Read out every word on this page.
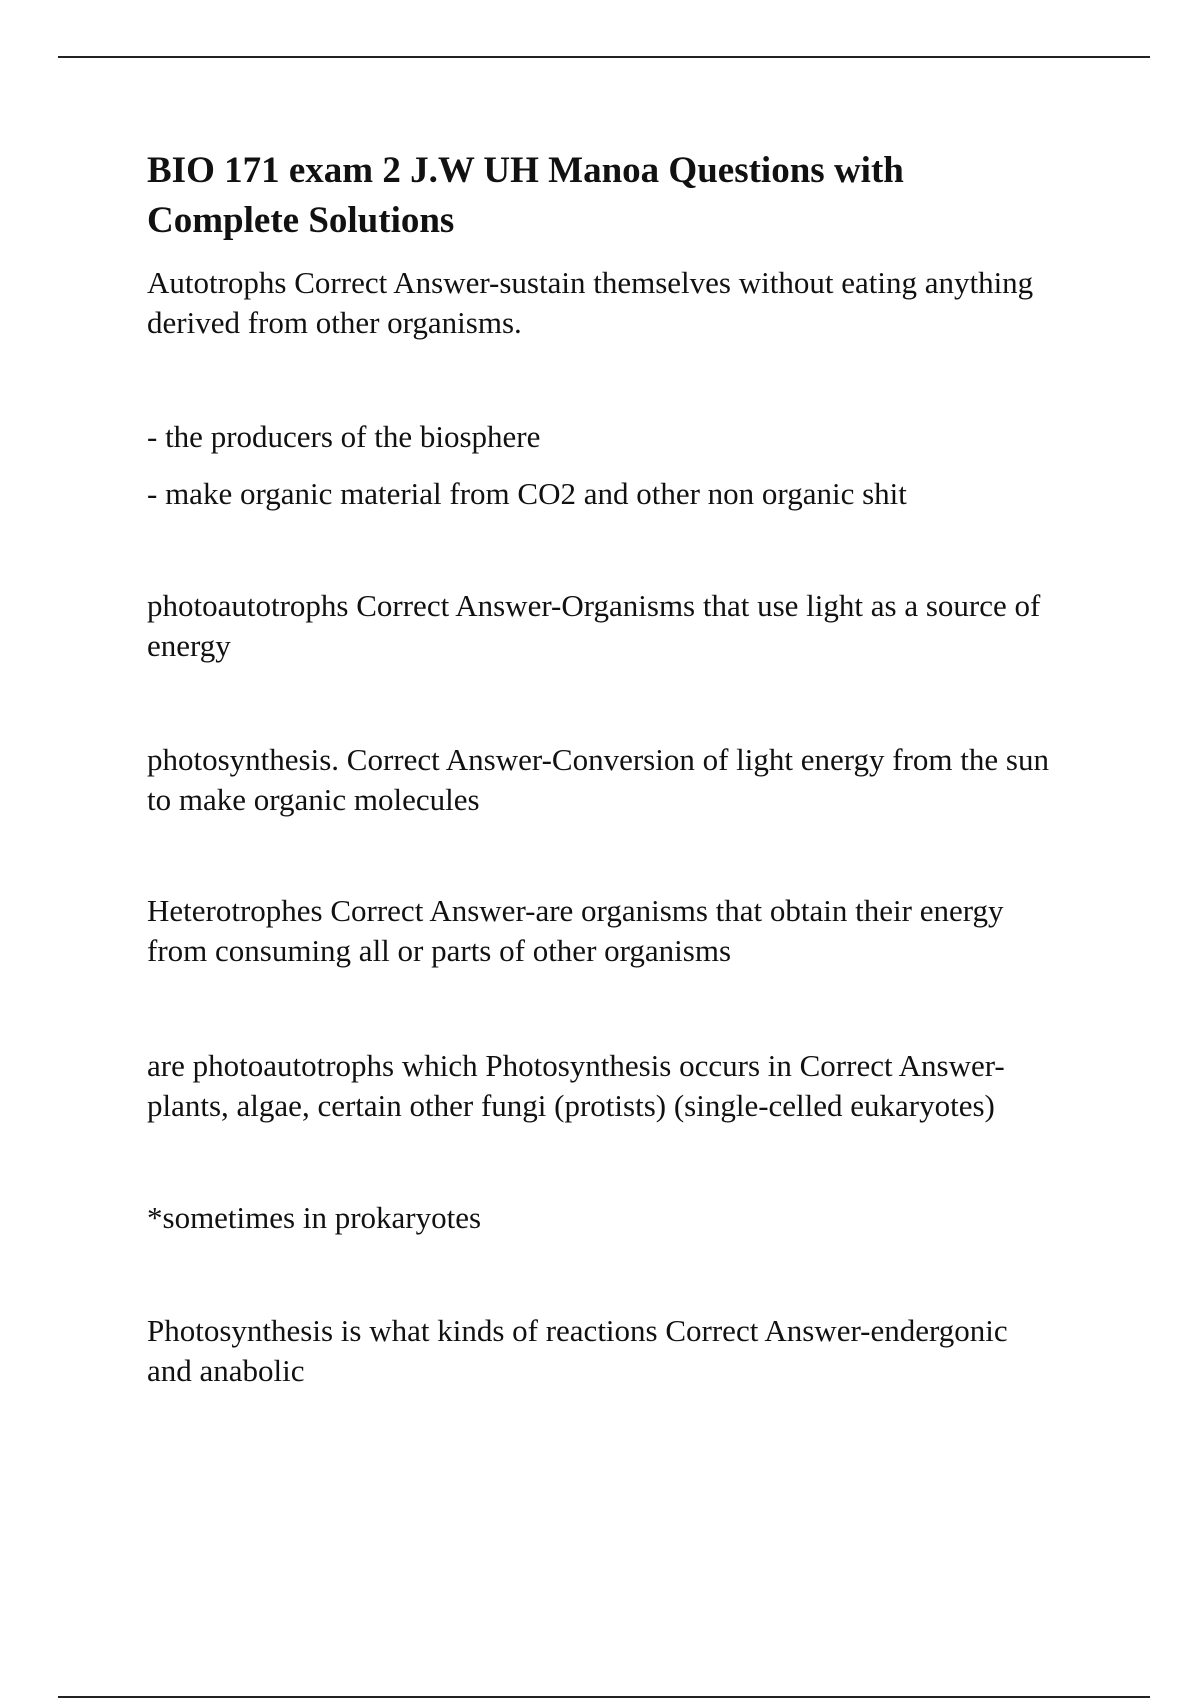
BIO 171 exam 2 J.W UH Manoa Questions with
Complete Solutions
Autotrophs Correct Answer-sustain themselves without eating anything
derived from other organisms.
- the producers of the biosphere
- make organic material from CO2 and other non organic shit
photoautotrophs Correct Answer-Organisms that use light as a source of
energy
photosynthesis. Correct Answer-Conversion of light energy from the sun
to make organic molecules
Heterotrophes Correct Answer-are organisms that obtain their energy
from consuming all or parts of other organisms
are photoautotrophs which Photosynthesis occurs in Correct Answer-
plants, algae, certain other fungi (protists) (single-celled eukaryotes)
*sometimes in prokaryotes
Photosynthesis is what kinds of reactions Correct Answer-endergonic
and anabolic
